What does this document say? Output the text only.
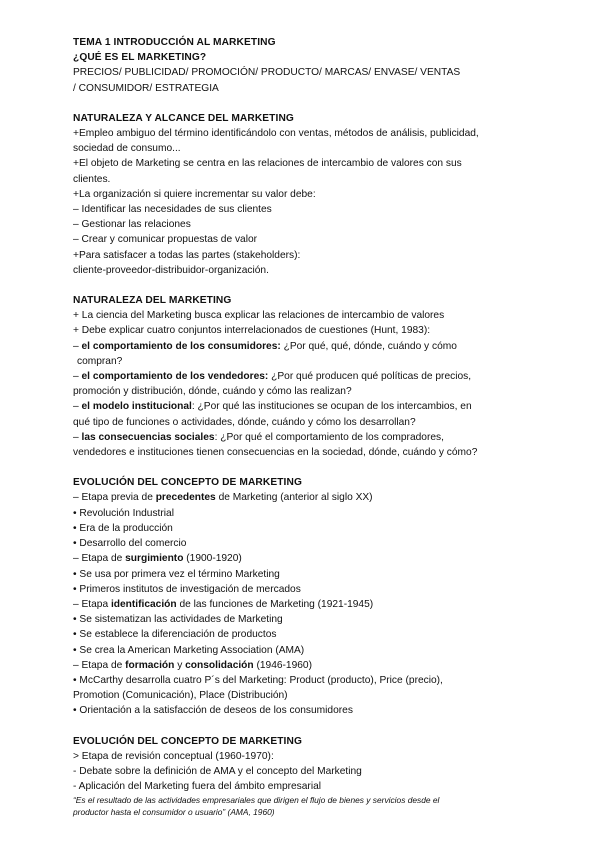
TEMA 1 INTRODUCCIÓN AL MARKETING

¿QUÉ ES EL MARKETING?

PRECIOS/ PUBLICIDAD/ PROMOCIÓN/ PRODUCTO/ MARCAS/ ENVASE/ VENTAS

/ CONSUMIDOR/ ESTRATEGIA

NATURALEZA Y ALCANCE DEL MARKETING

+Empleo ambiguo del término identificándolo con ventas, métodos de análisis, publicidad,

sociedad de consumo...

+El objeto de Marketing se centra en las relaciones de intercambio de valores con sus

clientes.

+La organización si quiere incrementar su valor debe:

– Identificar las necesidades de sus clientes

– Gestionar las relaciones

– Crear y comunicar propuestas de valor

+Para satisfacer a todas las partes (stakeholders):

cliente-proveedor-distribuidor-organización.

NATURALEZA DEL MARKETING

+ La ciencia del Marketing busca explicar las relaciones de intercambio de valores

+ Debe explicar cuatro conjuntos interrelacionados de cuestiones (Hunt, 1983):

– el comportamiento de los consumidores: ¿Por qué, qué, dónde, cuándo y cómo

compran?

– el comportamiento de los vendedores: ¿Por qué producen qué políticas de precios,

promoción y distribución, dónde, cuándo y cómo las realizan?

– el modelo institucional: ¿Por qué las instituciones se ocupan de los intercambios, en

qué tipo de funciones o actividades, dónde, cuándo y cómo los desarrollan?

– las consecuencias sociales: ¿Por qué el comportamiento de los compradores,

vendedores e instituciones tienen consecuencias en la sociedad, dónde, cuándo y cómo?

EVOLUCIÓN DEL CONCEPTO DE MARKETING

– Etapa previa de precedentes de Marketing (anterior al siglo XX)

• Revolución Industrial

• Era de la producción

• Desarrollo del comercio

– Etapa de surgimiento (1900-1920)

• Se usa por primera vez el término Marketing

• Primeros institutos de investigación de mercados

– Etapa identificación de las funciones de Marketing (1921-1945)

• Se sistematizan las actividades de Marketing

• Se establece la diferenciación de productos

• Se crea la American Marketing Association (AMA)

– Etapa de formación y consolidación (1946-1960)

• McCarthy desarrolla cuatro P´s del Marketing: Product (producto), Price (precio),

Promotion (Comunicación), Place (Distribución)

• Orientación a la satisfacción de deseos de los consumidores

EVOLUCIÓN DEL CONCEPTO DE MARKETING

> Etapa de revisión conceptual (1960-1970):

- Debate sobre la definición de AMA y el concepto del Marketing

- Aplicación del Marketing fuera del ámbito empresarial

“Es el resultado de las actividades empresariales que dirigen el flujo de bienes y servicios desde el

productor hasta el consumidor o usuario” (AMA, 1960)
